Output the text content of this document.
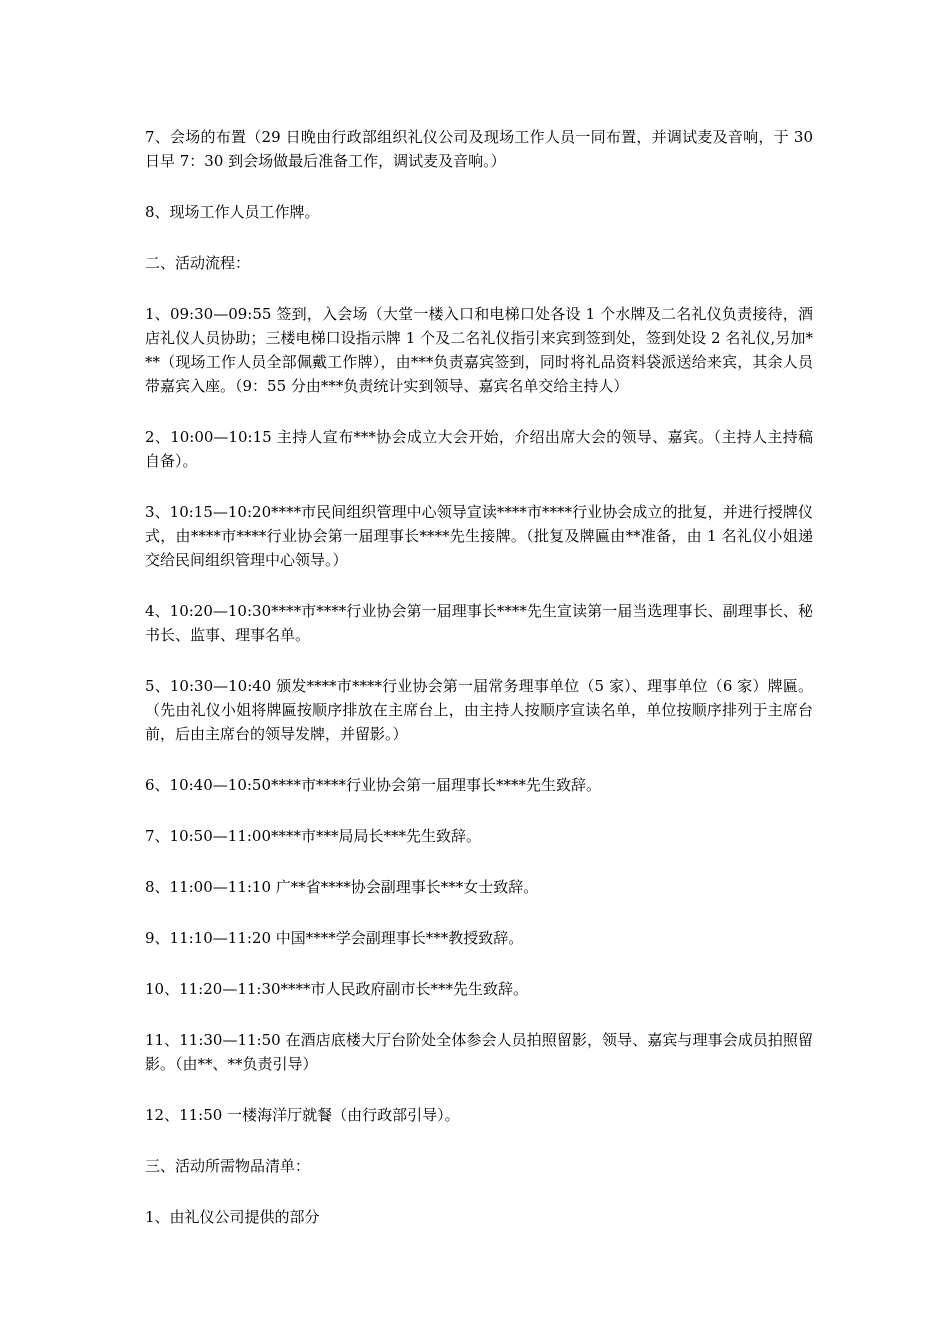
7、会场的布置（29 日晚由行政部组织礼仪公司及现场工作人员一同布置，并调试麦及音响，于 30 日早 7：30 到会场做最后准备工作，调试麦及音响。）

8、现场工作人员工作牌。

二、活动流程：

1、09:30—09:55 签到，入会场（大堂一楼入口和电梯口处各设 1 个水牌及二名礼仪负责接待，酒店礼仪人员协助；三楼电梯口设指示牌 1 个及二名礼仪指引来宾到签到处，签到处设 2 名礼仪,另加***（现场工作人员全部佩戴工作牌），由***负责嘉宾签到，同时将礼品资料袋派送给来宾，其余人员带嘉宾入座。（9：55 分由***负责统计实到领导、嘉宾名单交给主持人）

2、10:00—10:15 主持人宣布***协会成立大会开始，介绍出席大会的领导、嘉宾。（主持人主持稿自备）。

3、10:15—10:20****市民间组织管理中心领导宣读****市****行业协会成立的批复，并进行授牌仪式，由****市****行业协会第一届理事长****先生接牌。（批复及牌匾由**准备，由 1 名礼仪小姐递交给民间组织管理中心领导。）

4、10:20—10:30****市****行业协会第一届理事长****先生宣读第一届当选理事长、副理事长、秘书长、监事、理事名单。

5、10:30—10:40 颁发****市****行业协会第一届常务理事单位（5 家）、理事单位（6 家）牌匾。（先由礼仪小姐将牌匾按顺序排放在主席台上，由主持人按顺序宣读名单，单位按顺序排列于主席台前，后由主席台的领导发牌，并留影。）

6、10:40—10:50****市****行业协会第一届理事长****先生致辞。

7、10:50—11:00****市***局局长***先生致辞。

8、11:00—11:10 广**省****协会副理事长***女士致辞。

9、11:10—11:20 中国****学会副理事长***教授致辞。

10、11:20—11:30****市人民政府副市长***先生致辞。

11、11:30—11:50 在酒店底楼大厅台阶处全体参会人员拍照留影，领导、嘉宾与理事会成员拍照留影。（由**、**负责引导）

12、11:50 一楼海洋厅就餐（由行政部引导）。

三、活动所需物品清单：

1、由礼仪公司提供的部分
